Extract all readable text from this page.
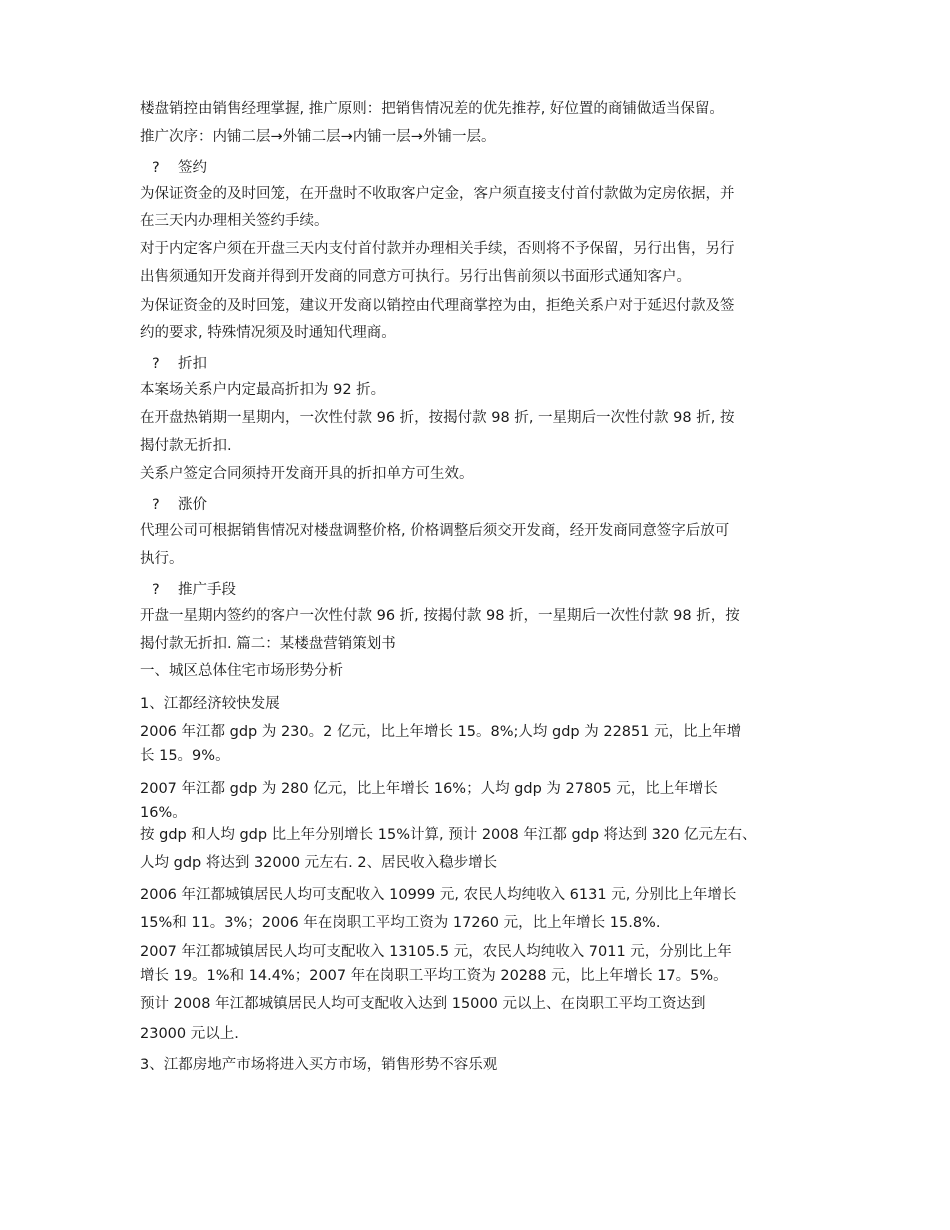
楼盘销控由销售经理掌握, 推广原则：把销售情况差的优先推荐, 好位置的商铺做适当保留。
推广次序：内铺二层→外铺二层→内铺一层→外铺一层。
? 签约
为保证资金的及时回笼，在开盘时不收取客户定金，客户须直接支付首付款做为定房依据，并
在三天内办理相关签约手续。
对于内定客户须在开盘三天内支付首付款并办理相关手续，否则将不予保留，另行出售，另行
出售须通知开发商并得到开发商的同意方可执行。另行出售前须以书面形式通知客户。
为保证资金的及时回笼，建议开发商以销控由代理商掌控为由，拒绝关系户对于延迟付款及签
约的要求, 特殊情况须及时通知代理商。
? 折扣
本案场关系户内定最高折扣为 92 折。
在开盘热销期一星期内，一次性付款 96 折，按揭付款 98 折, 一星期后一次性付款 98 折, 按
揭付款无折扣.
关系户签定合同须持开发商开具的折扣单方可生效。
? 涨价
代理公司可根据销售情况对楼盘调整价格, 价格调整后须交开发商，经开发商同意签字后放可
执行。
? 推广手段
开盘一星期内签约的客户一次性付款 96 折, 按揭付款 98 折，一星期后一次性付款 98 折，按
揭付款无折扣. 篇二：某楼盘营销策划书
一、城区总体住宅市场形势分析
1、江都经济较快发展
2006 年江都 gdp 为 230。2 亿元，比上年增长 15。8%;人均 gdp 为 22851 元，比上年增
长 15。9%。
2007 年江都 gdp 为 280 亿元，比上年增长 16%；人均 gdp 为 27805 元，比上年增长
16%。
按 gdp 和人均 gdp 比上年分别增长 15%计算, 预计 2008 年江都 gdp 将达到 320 亿元左右、
人均 gdp 将达到 32000 元左右. 2、居民收入稳步增长
2006 年江都城镇居民人均可支配收入 10999 元, 农民人均纯收入 6131 元, 分别比上年增长
15%和 11。3%；2006 年在岗职工平均工资为 17260 元，比上年增长 15.8%.
2007 年江都城镇居民人均可支配收入 13105.5 元，农民人均纯收入 7011 元，分别比上年
增长 19。1%和 14.4%；2007 年在岗职工平均工资为 20288 元，比上年增长 17。5%。
预计 2008 年江都城镇居民人均可支配收入达到 15000 元以上、在岗职工平均工资达到
23000 元以上.
3、江都房地产市场将进入买方市场，销售形势不容乐观
